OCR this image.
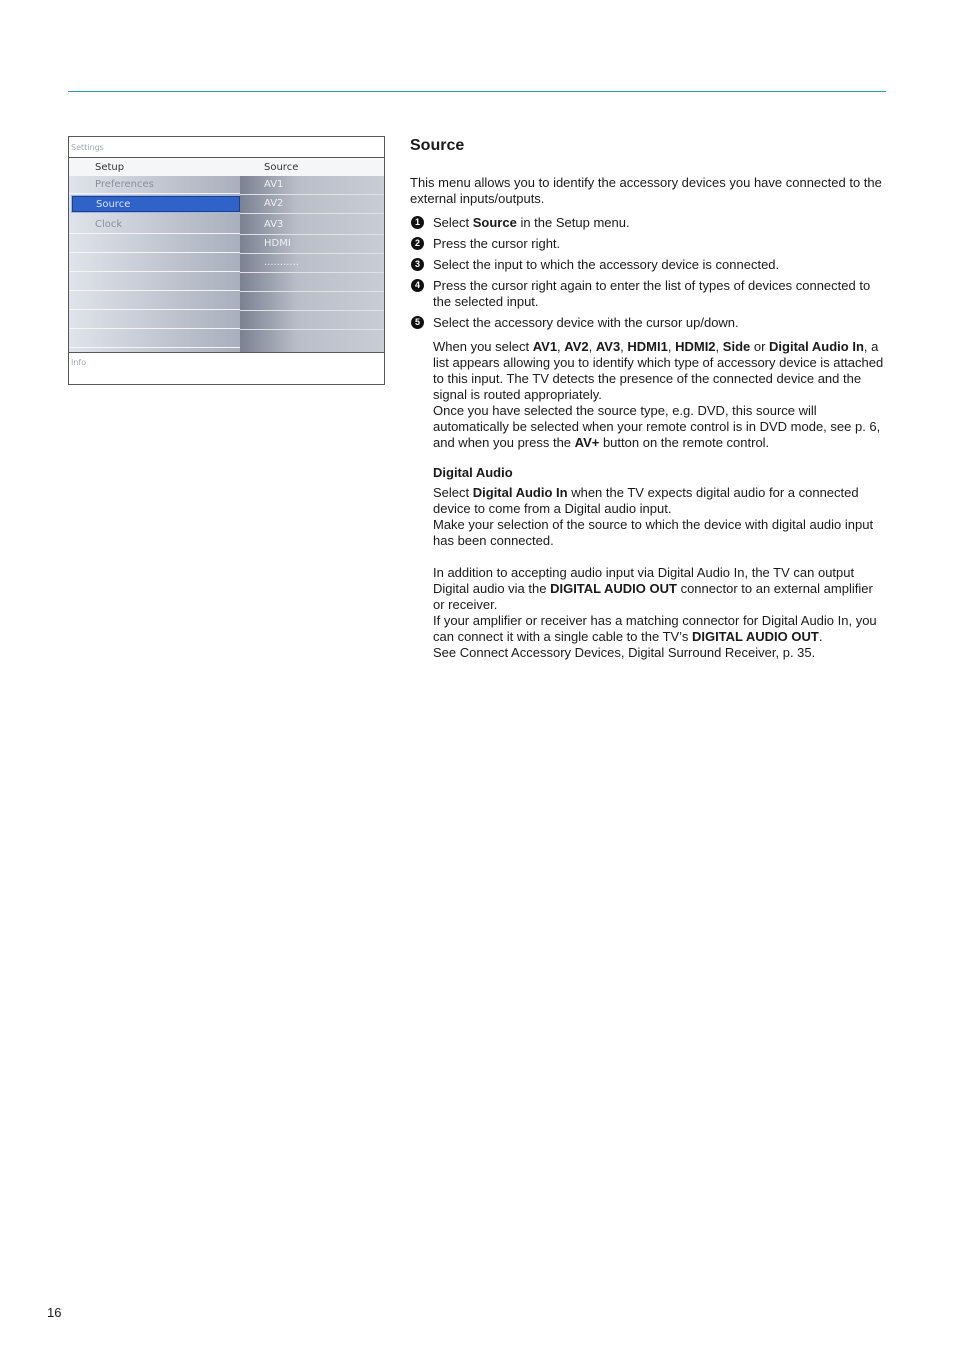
Settings
Setup	Source
Preferences
Source
Clock
AV1
AV2
AV3
HDMI
...........
Info
Source

This menu allows you to identify the accessory devices you have connected to the external inputs/outputs.

1	Select Source in the Setup menu.
2	Press the cursor right.
3	Select the input to which the accessory device is connected.
4	Press the cursor right again to enter the list of types of devices connected to the selected input.
5	Select the accessory device with the cursor up/down.

When you select AV1, AV2, AV3, HDMI1, HDMI2, Side or Digital Audio In, a list appears allowing you to identify which type of accessory device is attached to this input. The TV detects the presence of the connected device and the signal is routed appropriately.

Once you have selected the source type, e.g. DVD, this source will automatically be selected when your remote control is in DVD mode, see p. 6, and when you press the AV+ button on the remote control.

Digital Audio

Select Digital Audio In when the TV expects digital audio for a connected device to come from a Digital audio input.

Make your selection of the source to which the device with digital audio input has been connected.

In addition to accepting audio input via Digital Audio In, the TV can output Digital audio via the DIGITAL AUDIO OUT connector to an external amplifier or receiver.

If your amplifier or receiver has a matching connector for Digital Audio In, you can connect it with a single cable to the TV’s DIGITAL AUDIO OUT.

See Connect Accessory Devices, Digital Surround Receiver, p. 35.

16
